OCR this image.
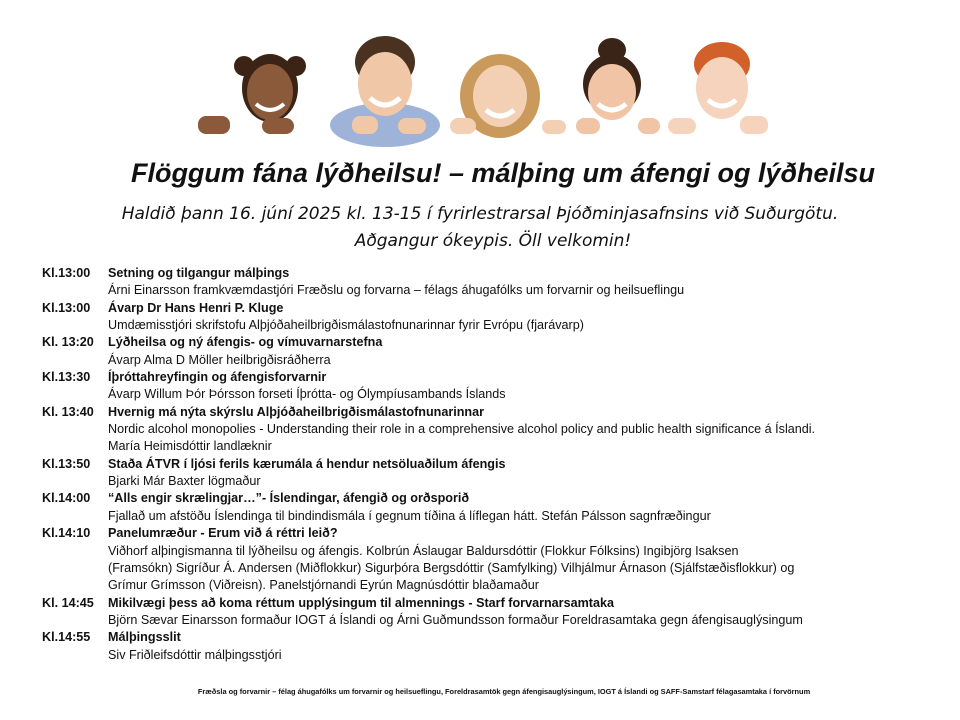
Flöggum fána lýðheilsu! – málþing um áfengi og lýðheilsu
Haldið þann 16. júní 2025 kl. 13-15 í fyrirlestrarsal Þjóðminjasafnsins við Suðurgötu.
Aðgangur ókeypis. Öll velkomin!
Kl.13:00	Setning og tilgangur málþings
Árni Einarsson framkvæmdastjóri Fræðslu og forvarna – félags áhugafólks um forvarnir og heilsueflingu
Kl.13:00	Ávarp Dr Hans Henri P. Kluge
Umdæmisstjóri skrifstofu Alþjóðaheilbrigðismálastofnunarinnar fyrir Evrópu (fjarávarp)
Kl. 13:20	Lýðheilsa og ný áfengis- og vímuvarnarstefna
Ávarp Alma D Möller heilbrigðisráðherra
Kl.13:30	Íþróttahreyfingin og áfengisforvarnir
Ávarp Willum Þór Þórsson forseti Íþrótta- og Ólympíusambands Íslands
Kl. 13:40	Hvernig má nýta skýrslu Alþjóðaheilbrigðismálastofnunarinnar
Nordic alcohol monopolies - Understanding their role in a comprehensive alcohol policy and public health significance á Íslandi.
María Heimisdóttir landlæknir
Kl.13:50	Staða ÁTVR í ljósi ferils kærumála á hendur netsöluaðilum áfengis
Bjarki Már Baxter lögmaður
Kl.14:00	“Alls engir skrælingjar…”- Íslendingar, áfengið og orðsporið
Fjallað um afstöðu Íslendinga til bindindismála í gegnum tíðina á líflegan hátt. Stefán Pálsson sagnfræðingur
Kl.14:10	Panelumræður - Erum við á réttri leið?
Viðhorf alþingismanna til lýðheilsu og áfengis. Kolbrún Áslaugar Baldursdóttir (Flokkur Fólksins) Ingibjörg Isaksen
(Framsókn) Sigríður Á. Andersen (Miðflokkur) Sigurþóra Bergsdóttir (Samfylking) Vilhjálmur Árnason (Sjálfstæðisflokkur) og
Grímur Grímsson (Viðreisn). Panelstjórnandi Eyrún Magnúsdóttir blaðamaður
Kl. 14:45	Mikilvægi þess að koma réttum upplýsingum til almennings - Starf forvarnarsamtaka
Björn Sævar Einarsson formaður IOGT á Íslandi og Árni Guðmundsson formaður Foreldrasamtaka gegn áfengisauglýsingum
Kl.14:55	Málþingsslit
Siv Friðleifsdóttir málþingsstjóri
Fræðsla og forvarnir – félag áhugafólks um forvarnir og heilsueflingu, Foreldrasamtök gegn áfengisauglýsingum, IOGT á Íslandi og SAFF-Samstarf félagasamtaka í forvörnum
